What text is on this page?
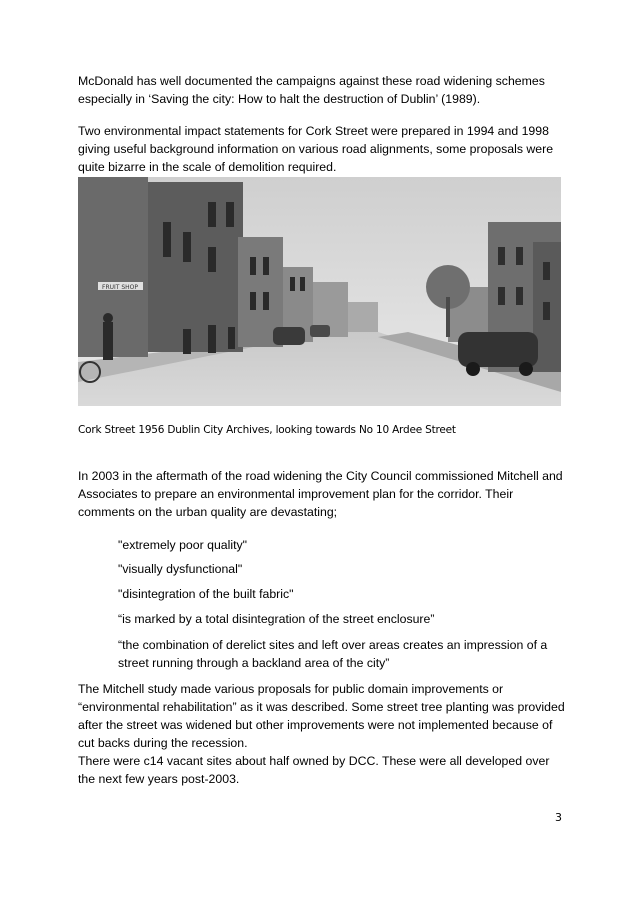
McDonald has well documented the campaigns against these road widening schemes especially in ‘Saving the city: How to halt the destruction of Dublin’ (1989).

Two environmental impact statements for Cork Street were prepared in 1994 and 1998 giving useful background information on various road alignments, some proposals were quite bizarre in the scale of demolition required.

FRUIT SHOP
Cork Street 1956 Dublin City Archives, looking towards No 10 Ardee Street

In 2003 in the aftermath of the road widening the City Council commissioned Mitchell and Associates to prepare an environmental improvement plan for the corridor. Their comments on the urban quality are devastating;

"extremely poor quality"

"visually dysfunctional"

"disintegration of the built fabric"

“is marked by a total disintegration of the street enclosure”

“the combination of derelict sites and left over areas creates an impression of a street running through a backland area of the city”

The Mitchell study made various proposals for public domain improvements or “environmental rehabilitation” as it was described. Some street tree planting was provided after the street was widened but other improvements were not implemented because of cut backs during the recession.

There were c14 vacant sites about half owned by DCC. These were all developed over the next few years post-2003.

3
